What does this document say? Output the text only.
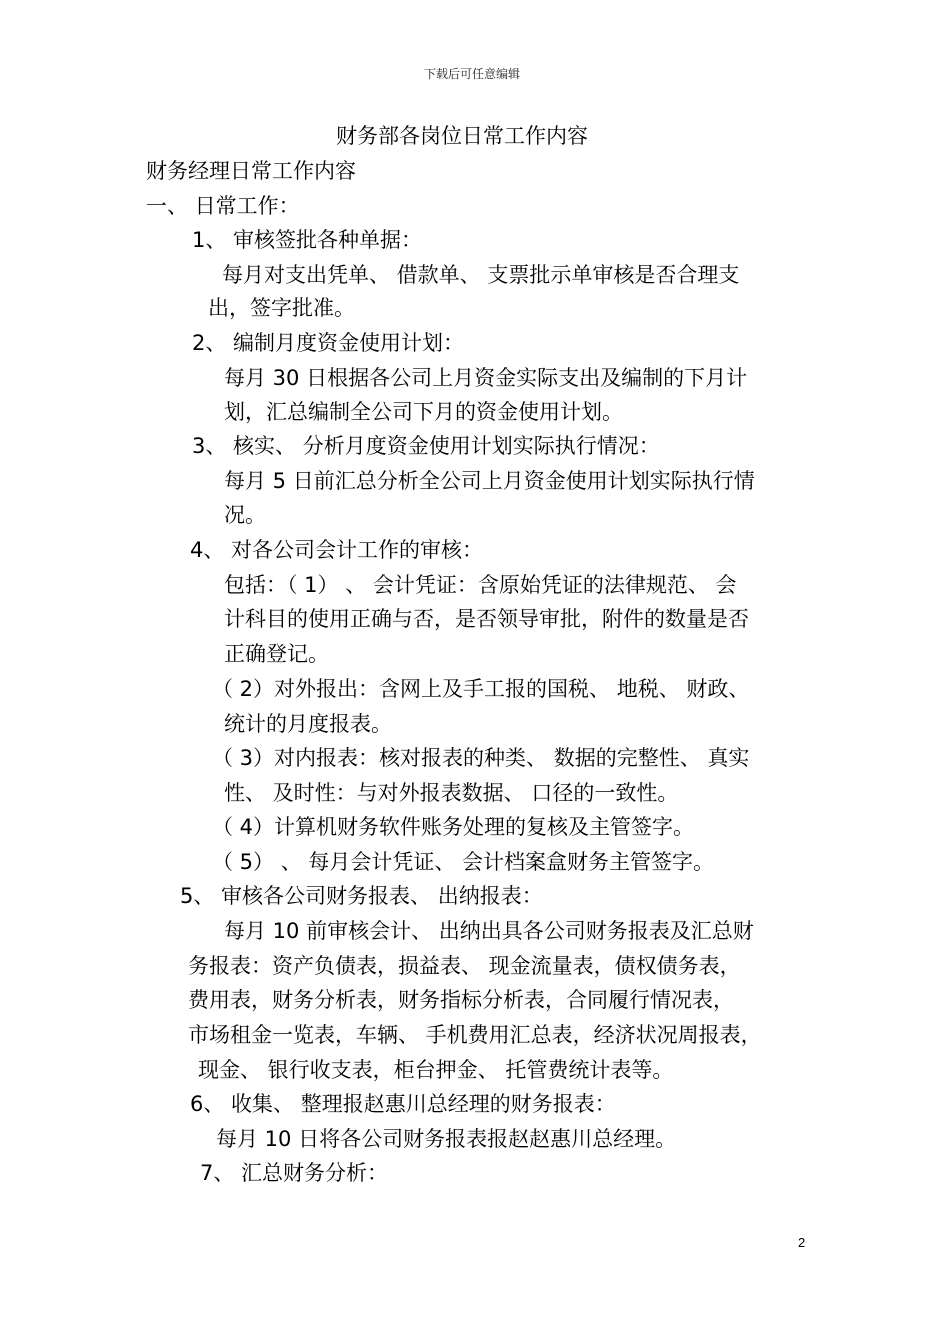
下载后可任意编辑
财务部各岗位日常工作内容
财务经理日常工作内容
一、 日常工作：
1、 审核签批各种单据：
每月对支出凭单、 借款单、 支票批示单审核是否合理支
出，签字批准。
2、 编制月度资金使用计划：
每月 30 日根据各公司上月资金实际支出及编制的下月计
划，汇总编制全公司下月的资金使用计划。
3、 核实、 分析月度资金使用计划实际执行情况：
每月 5 日前汇总分析全公司上月资金使用计划实际执行情
况。
4、 对各公司会计工作的审核：
包括：（ 1） 、 会计凭证：含原始凭证的法律规范、 会
计科目的使用正确与否，是否领导审批，附件的数量是否
正确登记。
（ 2）对外报出：含网上及手工报的国税、 地税、 财政、
统计的月度报表。
（ 3）对内报表：核对报表的种类、 数据的完整性、 真实
性、 及时性：与对外报表数据、 口径的一致性。
（ 4）计算机财务软件账务处理的复核及主管签字。
（ 5） 、 每月会计凭证、 会计档案盒财务主管签字。
5、 审核各公司财务报表、 出纳报表：
每月 10 前审核会计、 出纳出具各公司财务报表及汇总财
务报表：资产负债表，损益表、 现金流量表，债权债务表，
费用表，财务分析表，财务指标分析表，合同履行情况表，
市场租金一览表，车辆、 手机费用汇总表，经济状况周报表，
现金、 银行收支表，柜台押金、 托管费统计表等。
6、 收集、 整理报赵惠川总经理的财务报表：
每月 10 日将各公司财务报表报赵赵惠川总经理。
7、 汇总财务分析：
2
